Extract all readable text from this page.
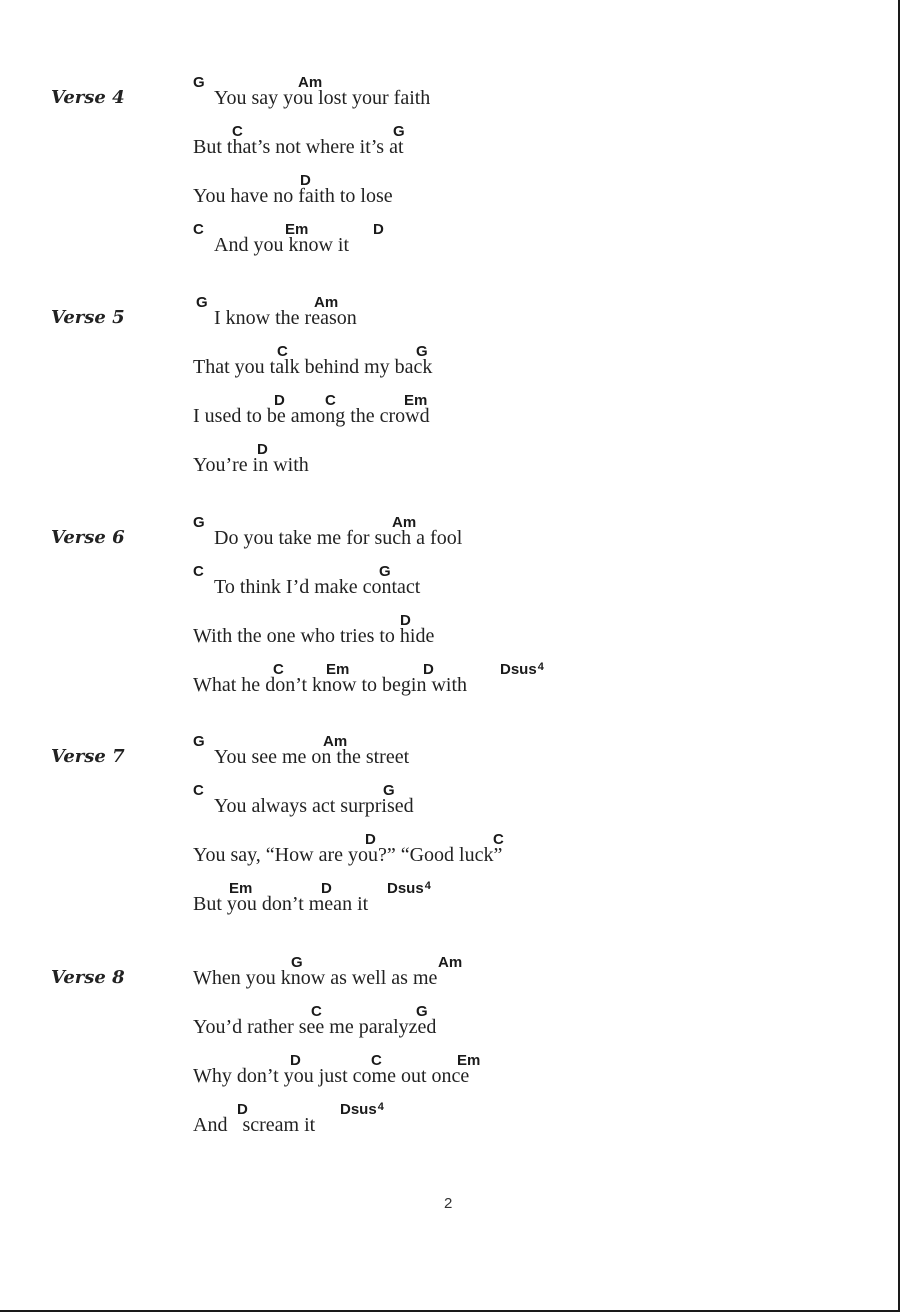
Verse 4
G	Am
You say you lost your faith
C	G
But that’s not where it’s at
D
You have no faith to lose
C	Em	D
And you know it
Verse 5
G	Am
I know the reason
C	G
That you talk behind my back
D	C	Em
I used to be among the crowd
D
You’re in with
Verse 6
G	Am
Do you take me for such a fool
C	G
To think I’d make contact
D
With the one who tries to hide
C	Em	D	Dsus$^4$
What he don’t know to begin with
Verse 7
G	Am
You see me on the street
C	G
You always act surprised
D	C
You say, “How are you?” “Good luck”
Em	D	Dsus$^4$
But you don’t mean it
Verse 8
G	Am
When you know as well as me
C	G
You’d rather see me paralyzed
D	C	Em
Why don’t you just come out once
D	Dsus$^4$
And   scream it
2
